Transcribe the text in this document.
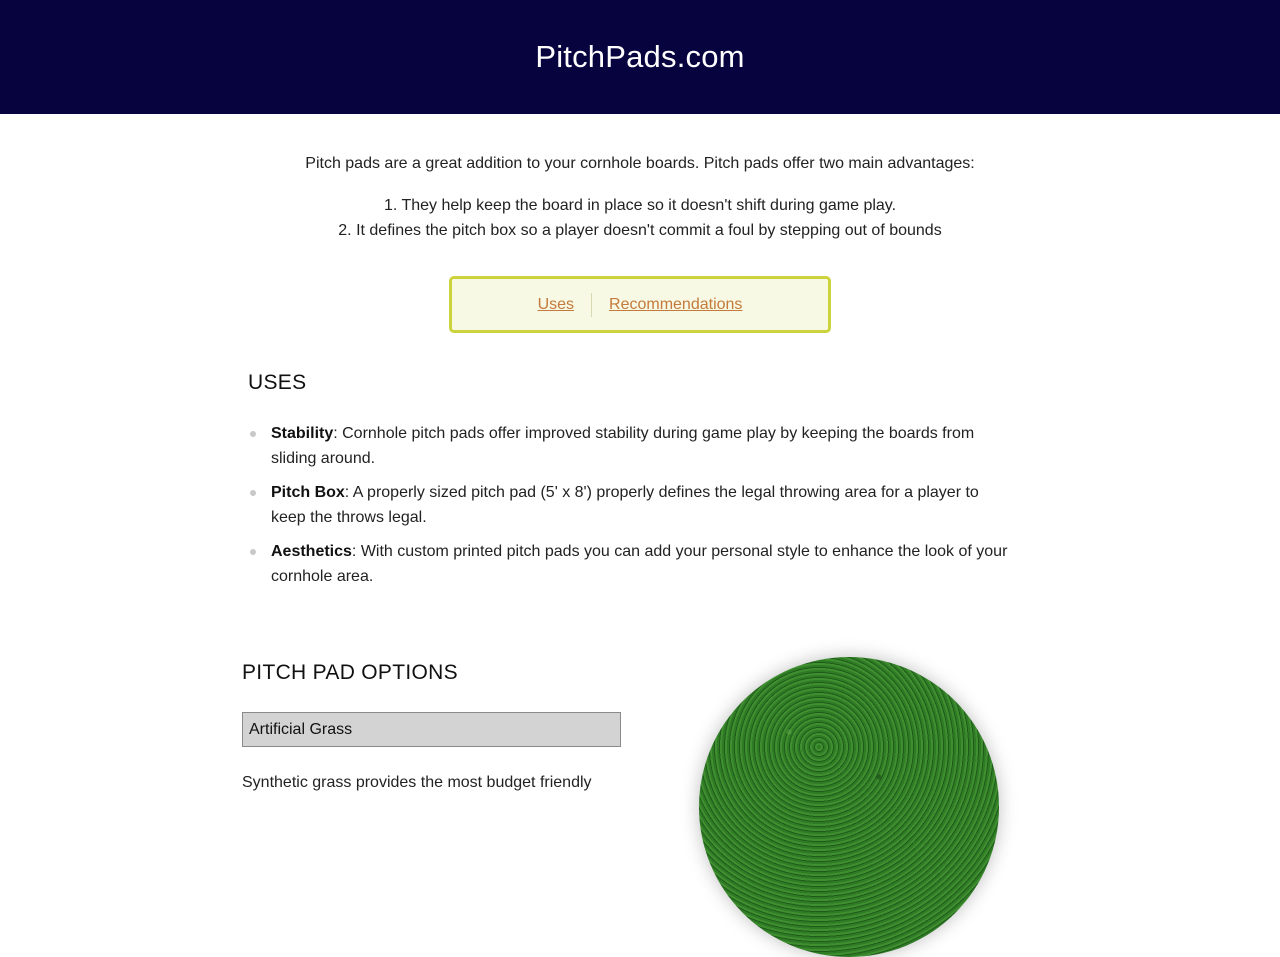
PitchPads.com
Pitch pads are a great addition to your cornhole boards. Pitch pads offer two main advantages:
1. They help keep the board in place so it doesn't shift during game play.
2. It defines the pitch box so a player doesn't commit a foul by stepping out of bounds
Uses	Recommendations
USES
Stability: Cornhole pitch pads offer improved stability during game play by keeping the boards from sliding around.
Pitch Box: A properly sized pitch pad (5' x 8') properly defines the legal throwing area for a player to keep the throws legal.
Aesthetics: With custom printed pitch pads you can add your personal style to enhance the look of your cornhole area.
PITCH PAD OPTIONS
Artificial Grass
Synthetic grass provides the most budget friendly
